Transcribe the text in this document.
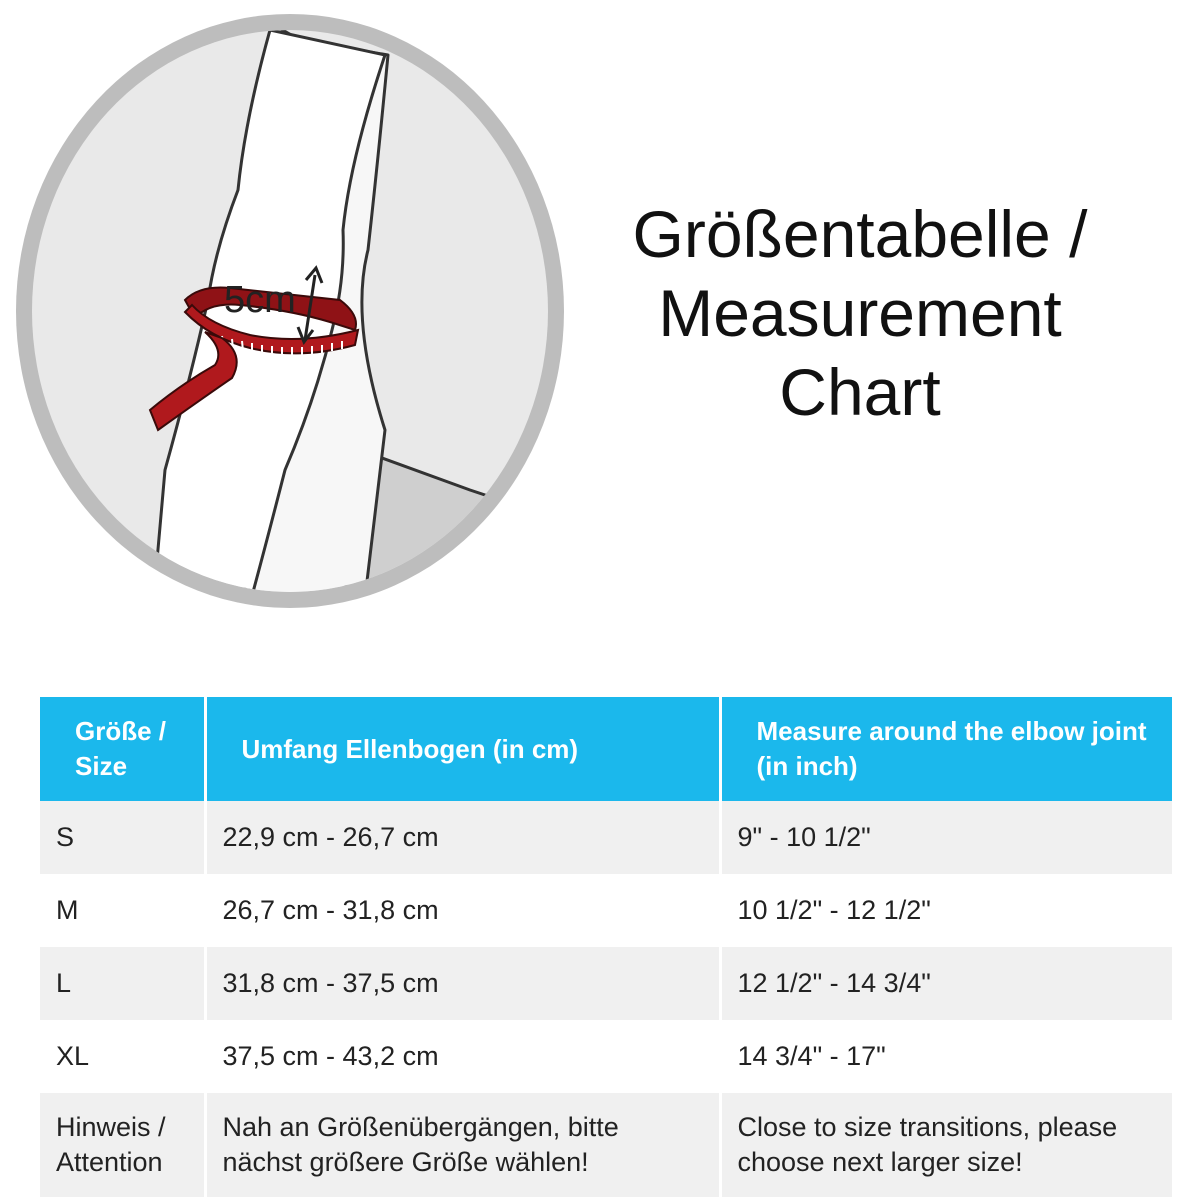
5cm
Größentabelle /
Measurement
Chart
Größe / Size	Umfang Ellenbogen (in cm)	Measure around the elbow joint (in inch)
S	22,9 cm - 26,7 cm	9" - 10 1/2"
M	26,7 cm - 31,8 cm	10 1/2" - 12 1/2"
L	31,8 cm - 37,5 cm	12 1/2" - 14 3/4"
XL	37,5 cm - 43,2 cm	14 3/4" - 17"
Hinweis / Attention	Nah an Größenübergängen, bitte nächst größere Größe wählen!	Close to size transitions, please choose next larger size!
